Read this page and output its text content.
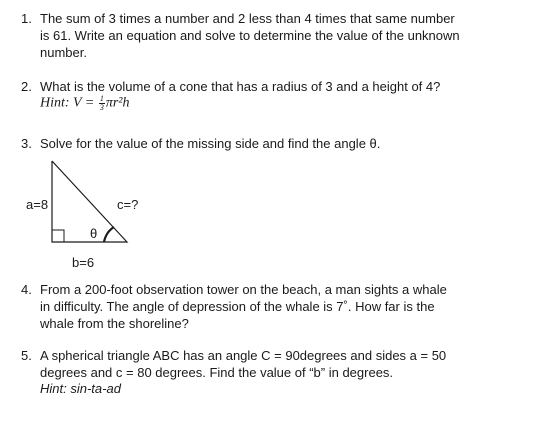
1. The sum of 3 times a number and 2 less than 4 times that same number
is 61. Write an equation and solve to determine the value of the unknown
number.
2. What is the volume of a cone that has a radius of 3 and a height of 4?
Hint: $V = \frac{1}{3} \pi r^2h$
3. Solve for the value of the missing side and find the angle θ.
a=8	c=?
θ
b=6
4. From a 200-foot observation tower on the beach, a man sights a whale
in difficulty. The angle of depression of the whale is 7˚. How far is the
whale from the shoreline?
5. A spherical triangle ABC has an angle C = 90degrees and sides a = 50
degrees and c = 80 degrees. Find the value of “b” in degrees.
Hint: sin-ta-ad
